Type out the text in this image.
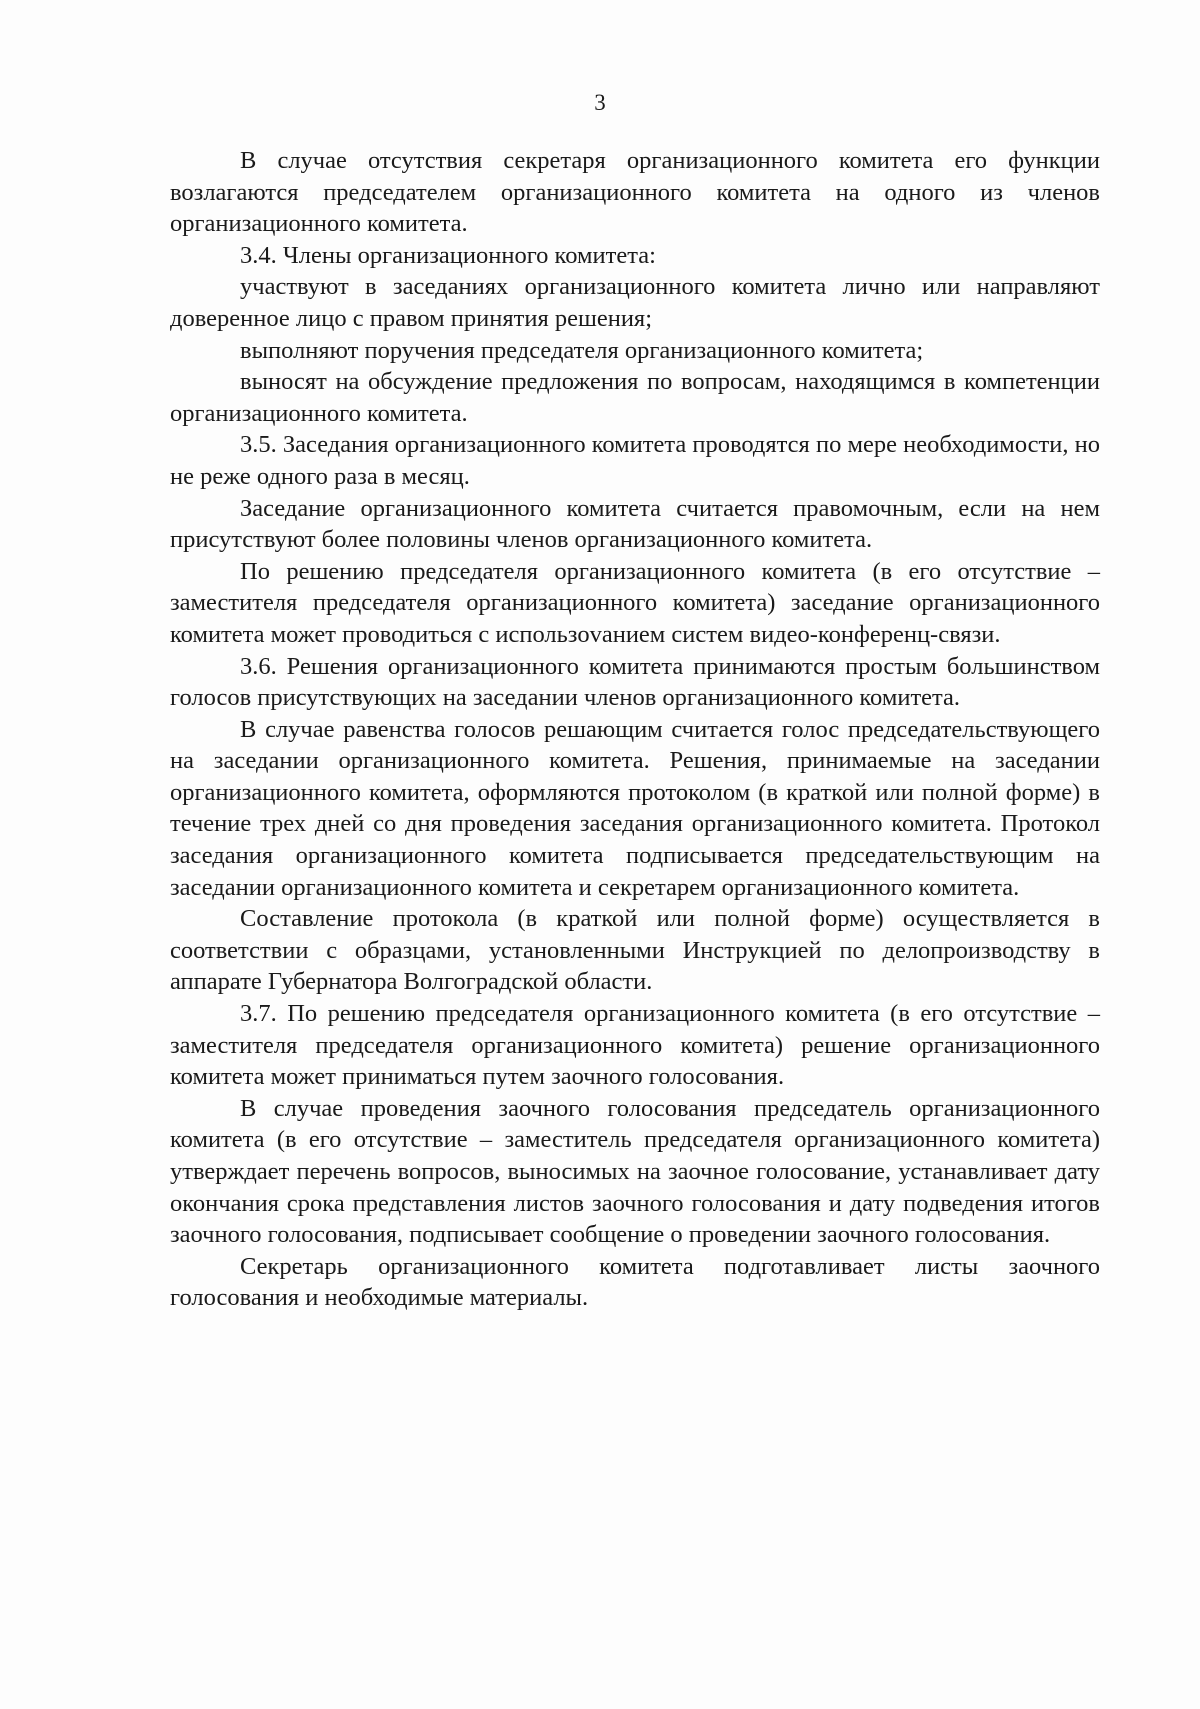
3

В случае отсутствия секретаря организационного комитета его функции возлагаются председателем организационного комитета на одного из членов организационного комитета.

3.4. Члены организационного комитета:

участвуют в заседаниях организационного комитета лично или направляют доверенное лицо с правом принятия решения;

выполняют поручения председателя организационного комитета;

выносят на обсуждение предложения по вопросам, находящимся в компетенции организационного комитета.

3.5. Заседания организационного комитета проводятся по мере необходимости, но не реже одного раза в месяц.

Заседание организационного комитета считается правомочным, если на нем присутствуют более половины членов организационного комитета.

По решению председателя организационного комитета (в его отсутствие – заместителя председателя организационного комитета) заседание организационного комитета может проводиться с использоvанием систем видео-конференц-связи.

3.6. Решения организационного комитета принимаются простым большинством голосов присутствующих на заседании членов организационного комитета.

В случае равенства голосов решающим считается голос председательствующего на заседании организационного комитета. Решения, принимаемые на заседании организационного комитета, оформляются протоколом (в краткой или полной форме) в течение трех дней со дня проведения заседания организационного комитета. Протокол заседания организационного комитета подписывается председательствующим на заседании организационного комитета и секретарем организационного комитета.

Составление протокола (в краткой или полной форме) осуществляется в соответствии с образцами, установленными Инструкцией по делопроизводству в аппарате Губернатора Волгоградской области.

3.7. По решению председателя организационного комитета (в его отсутствие – заместителя председателя организационного комитета) решение организационного комитета может приниматься путем заочного голосования.

В случае проведения заочного голосования председатель организационного комитета (в его отсутствие – заместитель председателя организационного комитета) утверждает перечень вопросов, выносимых на заочное голосование, устанавливает дату окончания срока представления листов заочного голосования и дату подведения итогов заочного голосования, подписывает сообщение о проведении заочного голосования.

Секретарь организационного комитета подготавливает листы заочного голосования и необходимые материалы.
